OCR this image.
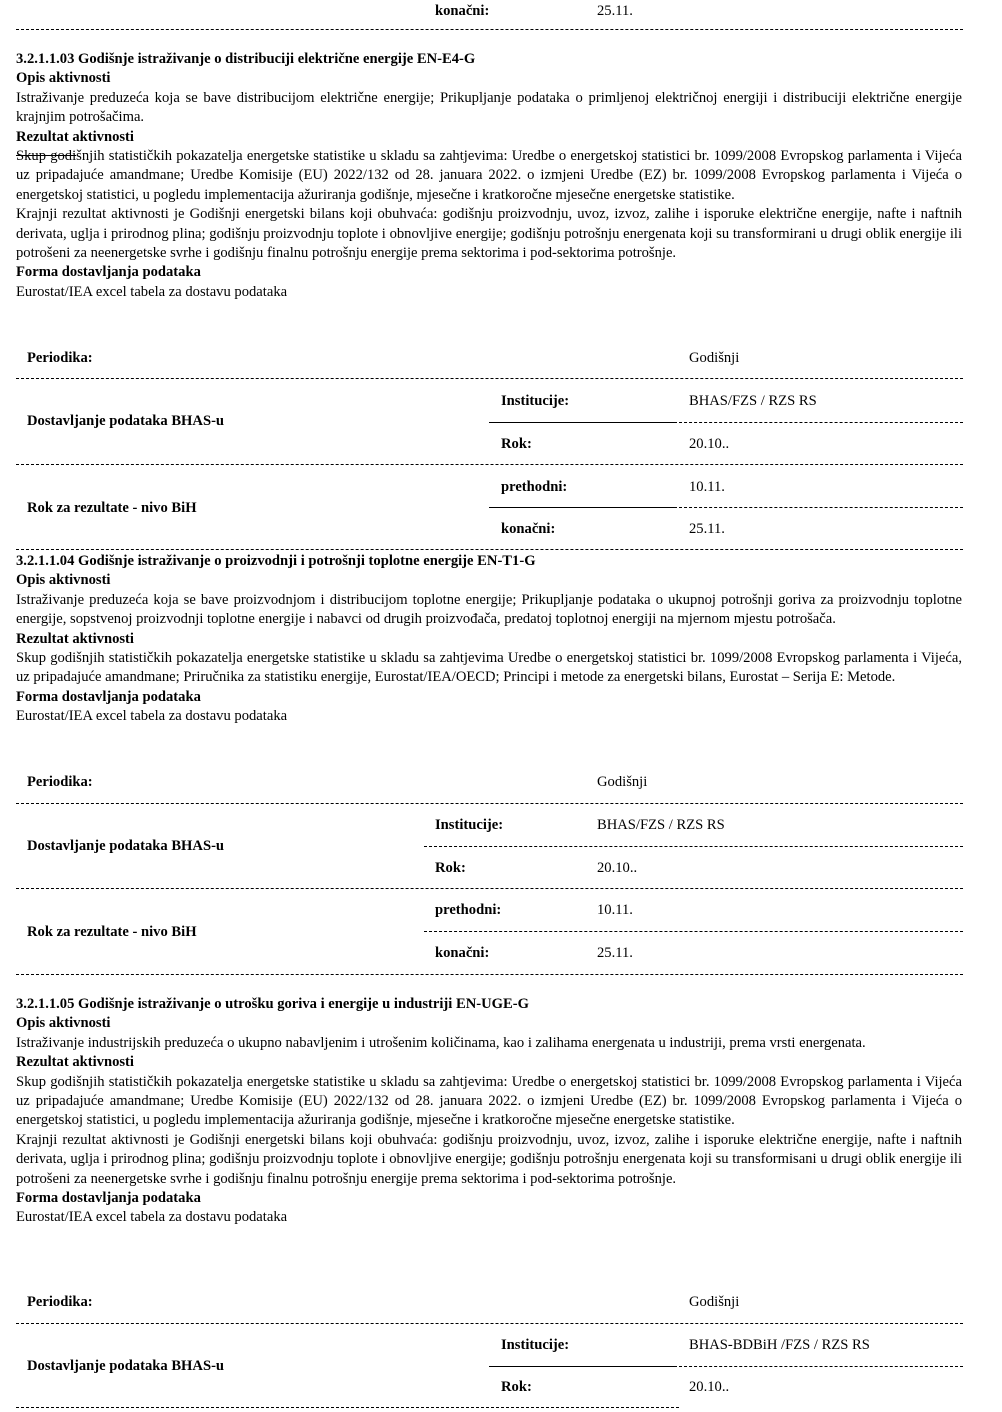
konačni:	25.11.
3.2.1.1.03 Godišnje istraživanje o distribuciji električne energije EN-E4-G
Opis aktivnosti

Istraživanje preduzeća koja se bave distribucijom električne energije; Prikupljanje podataka o primljenoj električnoj energiji i distribuciji električne energije krajnjim potrošačima.

Rezultat aktivnosti

Skup godišnjih statističkih pokazatelja energetske statistike u skladu sa zahtjevima: Uredbe o energetskoj statistici br. 1099/2008 Evropskog parlamenta i Vijeća uz pripadajuće amandmane; Uredbe Komisije (EU) 2022/132 od 28. januara 2022. o izmjeni Uredbe (EZ) br. 1099/2008 Evropskog parlamenta i Vijeća o energetskoj statistici, u pogledu implementacija ažuriranja godišnje, mjesečne i kratkoročne mjesečne energetske statistike.

Krajnji rezultat aktivnosti je Godišnji energetski bilans koji obuhvaća: godišnju proizvodnju, uvoz, izvoz, zalihe i isporuke električne energije, nafte i naftnih derivata, uglja i prirodnog plina; godišnju proizvodnju toplote i obnovljive energije; godišnju potrošnju energenata koji su transformirani u drugi oblik energije ili potrošeni za neenergetske svrhe i godišnju finalnu potrošnju energije prema sektorima i pod-sektorima potrošnje.

Forma dostavljanja podataka

Eurostat/IEA excel tabela za dostavu podataka

Periodika:	Godišnji
Institucije:	BHAS/FZS / RZS RS
Dostavljanje podataka BHAS-u
Rok:	20.10..
prethodni:	10.11.
Rok za rezultate - nivo BiH
konačni:	25.11.
3.2.1.1.04 Godišnje istraživanje o proizvodnji i potrošnji toplotne energije EN-T1-G
Opis aktivnosti

Istraživanje preduzeća koja se bave proizvodnjom i distribucijom toplotne energije; Prikupljanje podataka o ukupnoj potrošnji goriva za proizvodnju toplotne energije, sopstvenoj proizvodnji toplotne energije i nabavci od drugih proizvođača, predatoj toplotnoj energiji na mjernom mjestu potrošača.

Rezultat aktivnosti

Skup godišnjih statističkih pokazatelja energetske statistike u skladu sa zahtjevima Uredbe o energetskoj statistici br. 1099/2008 Evropskog parlamenta i Vijeća, uz pripadajuće amandmane; Priručnika za statistiku energije, Eurostat/IEA/OECD; Principi i metode za energetski bilans, Eurostat – Serija E: Metode.

Forma dostavljanja podataka

Eurostat/IEA excel tabela za dostavu podataka

Periodika:	Godišnji
Institucije:	BHAS/FZS / RZS RS
Dostavljanje podataka BHAS-u
Rok:	20.10..
prethodni:	10.11.
Rok za rezultate - nivo BiH
konačni:	25.11.
3.2.1.1.05 Godišnje istraživanje o utrošku goriva i energije u industriji EN-UGE-G
Opis aktivnosti

Istraživanje industrijskih preduzeća o ukupno nabavljenim i utrošenim količinama, kao i zalihama energenata u industriji, prema vrsti energenata.

Rezultat aktivnosti

Skup godišnjih statističkih pokazatelja energetske statistike u skladu sa zahtjevima: Uredbe o energetskoj statistici br. 1099/2008 Evropskog parlamenta i Vijeća uz pripadajuće amandmane; Uredbe Komisije (EU) 2022/132 od 28. januara 2022. o izmjeni Uredbe (EZ) br. 1099/2008 Evropskog parlamenta i Vijeća o energetskoj statistici, u pogledu implementacija ažuriranja godišnje, mjesečne i kratkoročne mjesečne energetske statistike.

Krajnji rezultat aktivnosti je Godišnji energetski bilans koji obuhvaća: godišnju proizvodnju, uvoz, izvoz, zalihe i isporuke električne energije, nafte i naftnih derivata, uglja i prirodnog plina; godišnju proizvodnju toplote i obnovljive energije; godišnju potrošnju energenata koji su transformisani u drugi oblik energije ili potrošeni za neenergetske svrhe i godišnju finalnu potrošnju energije prema sektorima i pod-sektorima potrošnje.

Forma dostavljanja podataka

Eurostat/IEA excel tabela za dostavu podataka

Periodika:	Godišnji
Institucije:	BHAS-BDBiH /FZS / RZS RS
Dostavljanje podataka BHAS-u
Rok:	20.10..
